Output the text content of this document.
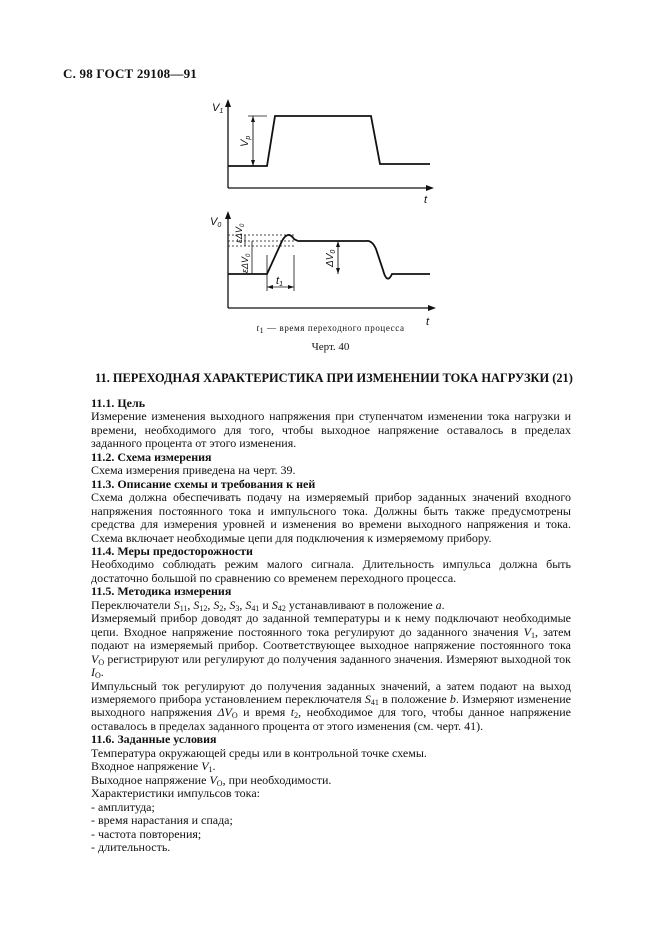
С. 98 ГОСТ 29108—91
V1
Vp
t
V0
εΔV$_0$
εΔV$_0$	$\Delta V_0$
t1
t
$t_1$ — время переходного процесса
Черт. 40
11. ПЕРЕХОДНАЯ ХАРАКТЕРИСТИКА ПРИ ИЗМЕНЕНИИ ТОКА НАГРУЗКИ (21)

11.1. Цель

Измерение изменения выходного напряжения при ступенчатом изменении тока нагрузки и времени, необходимого для того, чтобы выходное напряжение оставалось в пределах заданного процента от этого изменения.

11.2. Схема измерения

Схема измерения приведена на черт. 39.

11.3. Описание схемы и требования к ней

Схема должна обеспечивать подачу на измеряемый прибор заданных значений входного напряжения постоянного тока и импульсного тока. Должны быть также предусмотрены средства для измерения уровней и изменения во времени выходного напряжения и тока. Схема включает необходимые цепи для подключения к измеряемому прибору.

11.4. Меры предосторожности

Необходимо соблюдать режим малого сигнала. Длительность импульса должна быть достаточно большой по сравнению со временем переходного процесса.

11.5. Методика измерения

Переключатели $S_{11}$, $S_{12}$, $S_2$, $S_3$, $S_{41}$ и $S_{42}$ устанавливают в положение a.

Измеряемый прибор доводят до заданной температуры и к нему подключают необходимые цепи. Входное напряжение постоянного тока регулируют до заданного значения $V_1$, затем подают на измеряемый прибор. Соответствующее выходное напряжение постоянного тока $V_O$ регистрируют или регулируют до получения заданного значения. Измеряют выходной ток $I_O$.

Импульсный ток регулируют до получения заданных значений, а затем подают на выход измеряемого прибора установлением переключателя $S_{41}$ в положение b. Измеряют изменение выходного напряжения $\Delta V_O$ и время $t_2$, необходимое для того, чтобы данное напряжение оставалось в пределах заданного процента от этого изменения (см. черт. 41).

11.6. Заданные условия

Температура окружающей среды или в контрольной точке схемы.

Входное напряжение $V_1$.

Выходное напряжение $V_O$, при необходимости.

Характеристики импульсов тока:

- амплитуда;

- время нарастания и спада;

- частота повторения;

- длительность.
